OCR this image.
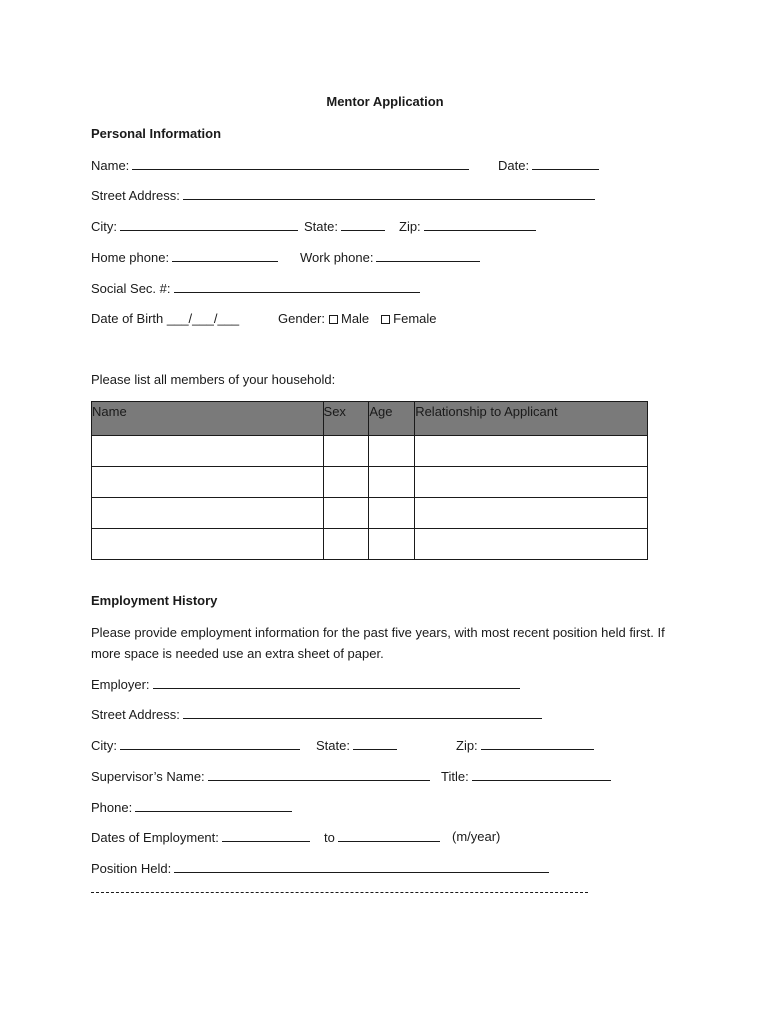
Mentor Application
Personal Information
Name:	Date:
Street Address:
City:	State:	Zip:
Home phone:	Work phone:
Social Sec. #:
Date of Birth ___/___/___	Gender: Male Female
Please list all members of your household:
Name	Sex	Age	Relationship to Applicant

Employment History
Please provide employment information for the past five years, with most recent position held first. If more space is needed use an extra sheet of paper.
Employer:
Street Address:
City:	State:	Zip:
Supervisor’s Name:	Title:
Phone:
Dates of Employment:	to	(m/year)
Position Held:
